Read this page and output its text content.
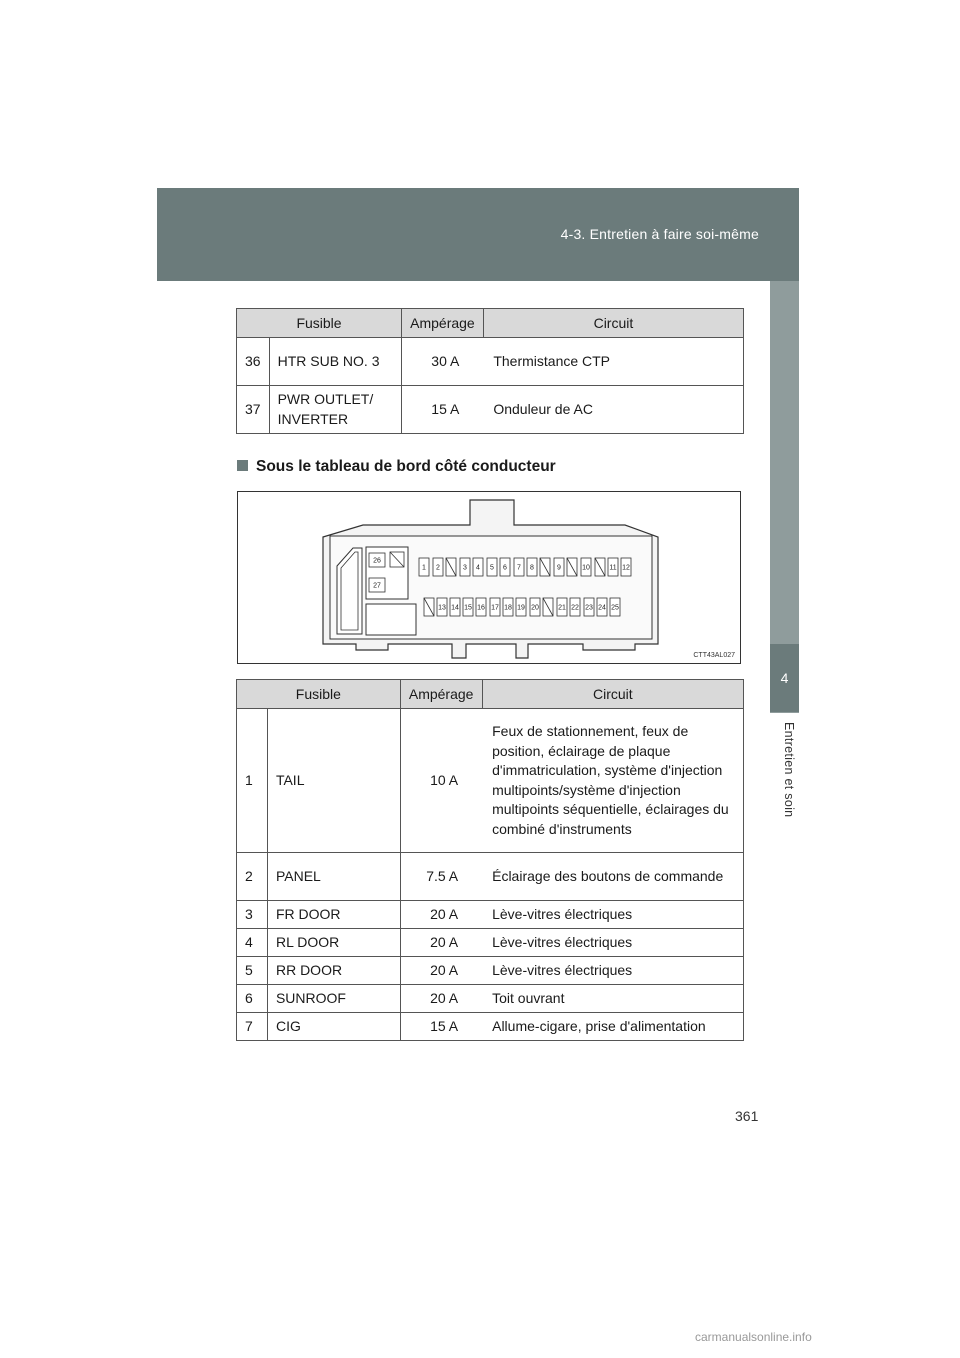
4-3. Entretien à faire soi-même
4
Entretien et soin
Fusible		Ampérage	Circuit
36	HTR SUB NO. 3	30 A	Thermistance CTP
37	PWR OUTLET/ INVERTER	15 A	Onduleur de AC
Sous le tableau de bord côté conducteur
26
27
1 2	3 4 5 6 7 8	9	10	11 12
13 14 15 16 17 18 19 20	21 22 23 24 25
CTT43AL027
Fusible		Ampérage	Circuit
1	TAIL	10 A	Feux de stationnement, feux de position, éclairage de plaque d'immatriculation, système d'injection multipoints/système d'injection multipoints séquentielle, éclairages du combiné d'instruments
2	PANEL	7.5 A	Éclairage des boutons de commande
3	FR DOOR	20 A	Lève-vitres électriques
4	RL DOOR	20 A	Lève-vitres électriques
5	RR DOOR	20 A	Lève-vitres électriques
6	SUNROOF	20 A	Toit ouvrant
7	CIG	15 A	Allume-cigare, prise d'alimentation
361
carmanualsonline.info
